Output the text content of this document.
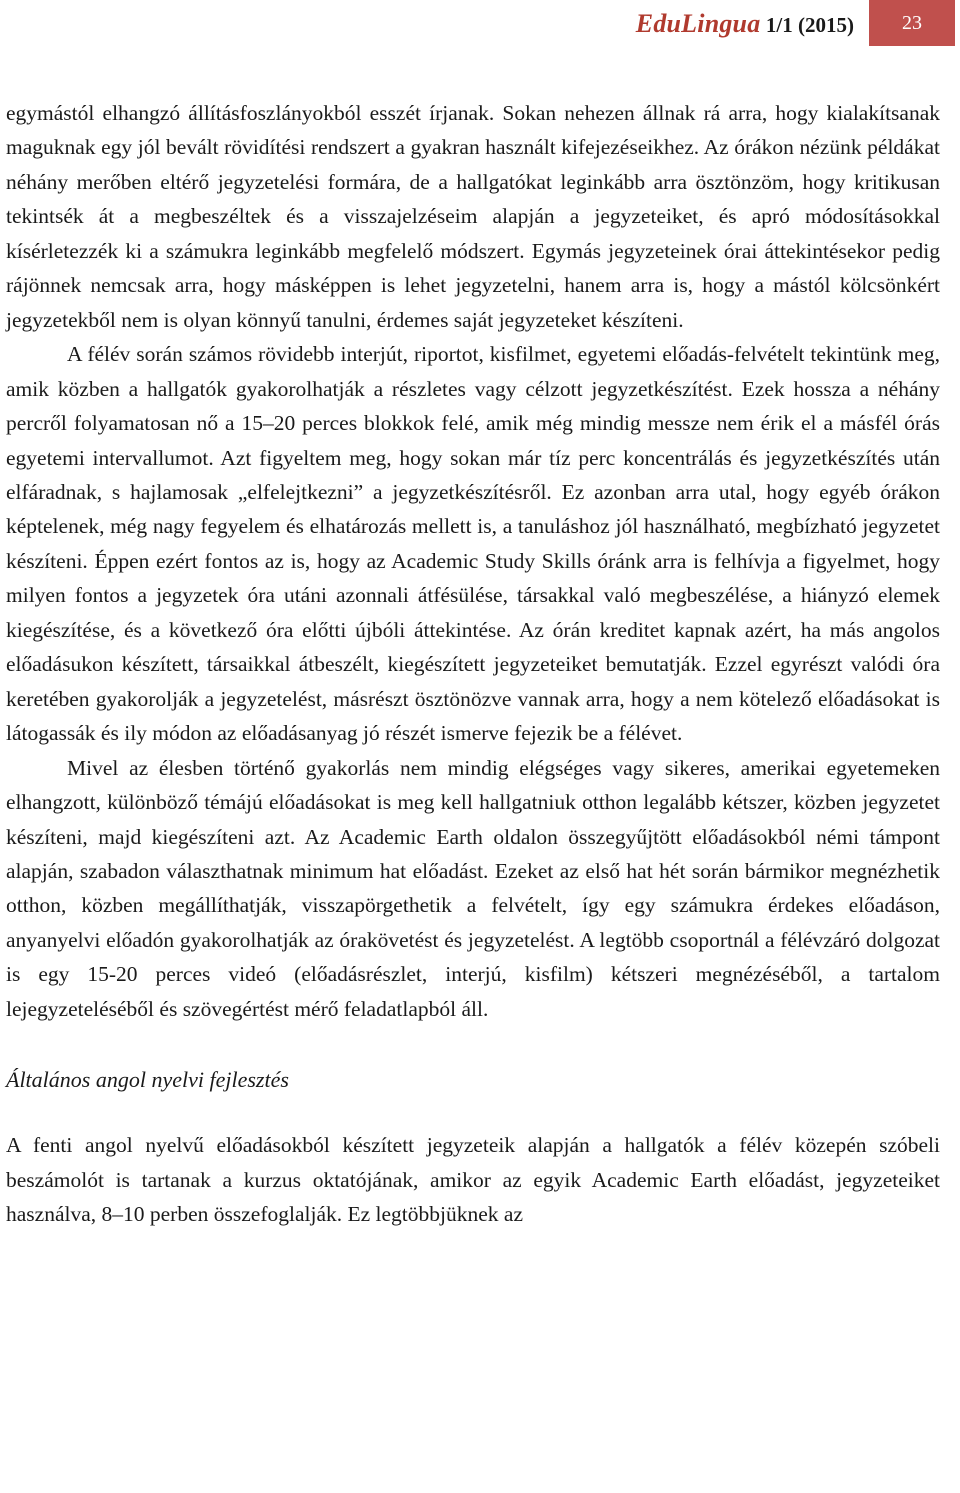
EduLingua 1/1 (2015)	23

egymástól elhangzó állításfoszlányokból esszét írjanak. Sokan nehezen állnak rá arra, hogy kialakítsanak maguknak egy jól bevált rövidítési rendszert a gyakran használt kifejezéseikhez. Az órákon nézünk példákat néhány merőben eltérő jegyzetelési formára, de a hallgatókat leginkább arra ösztönzöm, hogy kritikusan tekintsék át a megbeszéltek és a visszajelzéseim alapján a jegyzeteiket, és apró módosításokkal kísérletezzék ki a számukra leginkább megfelelő módszert. Egymás jegyzeteinek órai áttekintésekor pedig rájönnek nemcsak arra, hogy másképpen is lehet jegyzetelni, hanem arra is, hogy a mástól kölcsönkért jegyzetekből nem is olyan könnyű tanulni, érdemes saját jegyzeteket készíteni.

A félév során számos rövidebb interjút, riportot, kisfilmet, egyetemi előadás-felvételt tekintünk meg, amik közben a hallgatók gyakorolhatják a részletes vagy célzott jegyzetkészítést. Ezek hossza a néhány percről folyamatosan nő a 15–20 perces blokkok felé, amik még mindig messze nem érik el a másfél órás egyetemi intervallumot. Azt figyeltem meg, hogy sokan már tíz perc koncentrálás és jegyzetkészítés után elfáradnak, s hajlamosak „elfelejtkezni” a jegyzetkészítésről. Ez azonban arra utal, hogy egyéb órákon képtelenek, még nagy fegyelem és elhatározás mellett is, a tanuláshoz jól használható, megbízható jegyzetet készíteni. Éppen ezért fontos az is, hogy az Academic Study Skills óránk arra is felhívja a figyelmet, hogy milyen fontos a jegyzetek óra utáni azonnali átfésülése, társakkal való megbeszélése, a hiányzó elemek kiegészítése, és a következő óra előtti újbóli áttekintése. Az órán kreditet kapnak azért, ha más angolos előadásukon készített, társaikkal átbeszélt, kiegészített jegyzeteiket bemutatják. Ezzel egyrészt valódi óra keretében gyakorolják a jegyzetelést, másrészt ösztönözve vannak arra, hogy a nem kötelező előadásokat is látogassák és ily módon az előadásanyag jó részét ismerve fejezik be a félévet.

Mivel az élesben történő gyakorlás nem mindig elégséges vagy sikeres, amerikai egyetemeken elhangzott, különböző témájú előadásokat is meg kell hallgatniuk otthon legalább kétszer, közben jegyzetet készíteni, majd kiegészíteni azt. Az Academic Earth oldalon összegyűjtött előadásokból némi támpont alapján, szabadon választhatnak minimum hat előadást. Ezeket az első hat hét során bármikor megnézhetik otthon, közben megállíthatják, visszapörgethetik a felvételt, így egy számukra érdekes előadáson, anyanyelvi előadón gyakorolhatják az órakövetést és jegyzetelést. A legtöbb csoportnál a félévzáró dolgozat is egy 15-20 perces videó (előadásrészlet, interjú, kisfilm) kétszeri megnézéséből, a tartalom lejegyzeteléséből és szövegértést mérő feladatlapból áll.

Általános angol nyelvi fejlesztés

A fenti angol nyelvű előadásokból készített jegyzeteik alapján a hallgatók a félév közepén szóbeli beszámolót is tartanak a kurzus oktatójának, amikor az egyik Academic Earth előadást, jegyzeteiket használva, 8–10 perben összefoglalják. Ez legtöbbjüknek az
